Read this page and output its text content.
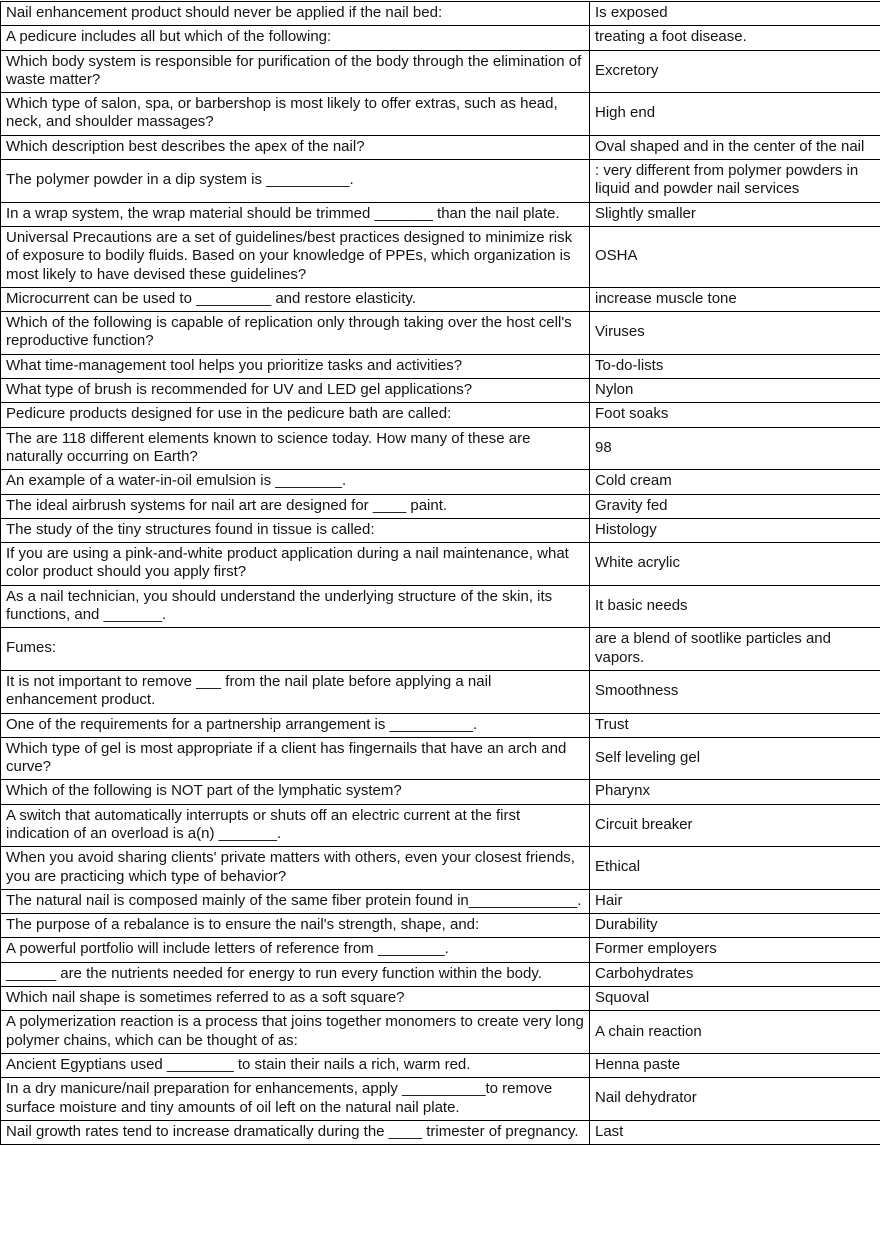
Nail enhancement product should never be applied if the nail bed:	Is exposed
A pedicure includes all but which of the following:	treating a foot disease.
Which body system is responsible for purification of the body through the elimination of waste matter?	Excretory
Which type of salon, spa, or barbershop is most likely to offer extras, such as head, neck, and shoulder massages?	High end
Which description best describes the apex of the nail?	Oval shaped and in the center of the nail
The polymer powder in a dip system is __________.	: very different from polymer powders in liquid and powder nail services
In a wrap system, the wrap material should be trimmed _______ than the nail plate.	Slightly smaller
Universal Precautions are a set of guidelines/best practices designed to minimize risk of exposure to bodily fluids. Based on your knowledge of PPEs, which organization is most likely to have devised these guidelines?	OSHA
Microcurrent can be used to _________ and restore elasticity.	increase muscle tone
Which of the following is capable of replication only through taking over the host cell's reproductive function?	Viruses
What time-management tool helps you prioritize tasks and activities?	To-do-lists
What type of brush is recommended for UV and LED gel applications?	Nylon
Pedicure products designed for use in the pedicure bath are called:	Foot soaks
The are 118 different elements known to science today. How many of these are naturally occurring on Earth?	98
An example of a water-in-oil emulsion is ________.	Cold cream
The ideal airbrush systems for nail art are designed for ____ paint.	Gravity fed
The study of the tiny structures found in tissue is called:	Histology
If you are using a pink-and-white product application during a nail maintenance, what color product should you apply first?	White acrylic
As a nail technician, you should understand the underlying structure of the skin, its functions, and _______.	It basic needs
Fumes:	are a blend of sootlike particles and vapors.
It is not important to remove ___ from the nail plate before applying a nail enhancement product.	Smoothness
One of the requirements for a partnership arrangement is __________.	Trust
Which type of gel is most appropriate if a client has fingernails that have an arch and curve?	Self leveling gel
Which of the following is NOT part of the lymphatic system?	Pharynx
A switch that automatically interrupts or shuts off an electric current at the first indication of an overload is a(n) _______.	Circuit breaker
When you avoid sharing clients' private matters with others, even your closest friends, you are practicing which type of behavior?	Ethical
The natural nail is composed mainly of the same fiber protein found in_____________.	Hair
The purpose of a rebalance is to ensure the nail's strength, shape, and:	Durability
A powerful portfolio will include letters of reference from ________.	Former employers
______ are the nutrients needed for energy to run every function within the body.	Carbohydrates
Which nail shape is sometimes referred to as a soft square?	Squoval
A polymerization reaction is a process that joins together monomers to create very long polymer chains, which can be thought of as:	A chain reaction
Ancient Egyptians used ________ to stain their nails a rich, warm red.	Henna paste
In a dry manicure/nail preparation for enhancements, apply __________to remove surface moisture and tiny amounts of oil left on the natural nail plate.	Nail dehydrator
Nail growth rates tend to increase dramatically during the ____ trimester of pregnancy.	Last
